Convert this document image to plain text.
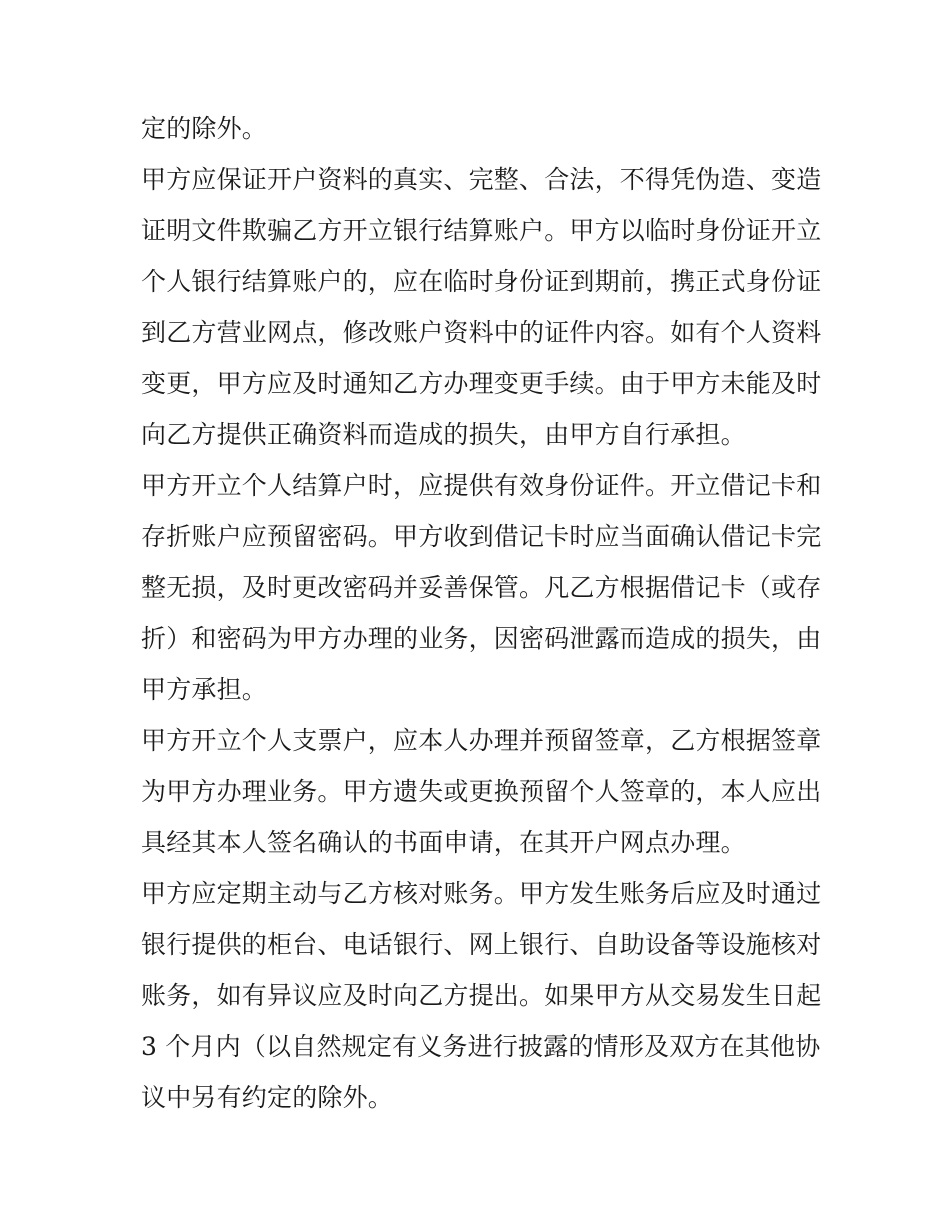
定的除外。
甲方应保证开户资料的真实、完整、合法，不得凭伪造、变造
证明文件欺骗乙方开立银行结算账户。甲方以临时身份证开立
个人银行结算账户的，应在临时身份证到期前，携正式身份证
到乙方营业网点，修改账户资料中的证件内容。如有个人资料
变更，甲方应及时通知乙方办理变更手续。由于甲方未能及时
向乙方提供正确资料而造成的损失，由甲方自行承担。
甲方开立个人结算户时，应提供有效身份证件。开立借记卡和
存折账户应预留密码。甲方收到借记卡时应当面确认借记卡完
整无损，及时更改密码并妥善保管。凡乙方根据借记卡（或存
折）和密码为甲方办理的业务，因密码泄露而造成的损失，由
甲方承担。
甲方开立个人支票户，应本人办理并预留签章，乙方根据签章
为甲方办理业务。甲方遗失或更换预留个人签章的，本人应出
具经其本人签名确认的书面申请，在其开户网点办理。
甲方应定期主动与乙方核对账务。甲方发生账务后应及时通过
银行提供的柜台、电话银行、网上银行、自助设备等设施核对
账务，如有异议应及时向乙方提出。如果甲方从交易发生日起
3 个月内（以自然规定有义务进行披露的情形及双方在其他协
议中另有约定的除外。
